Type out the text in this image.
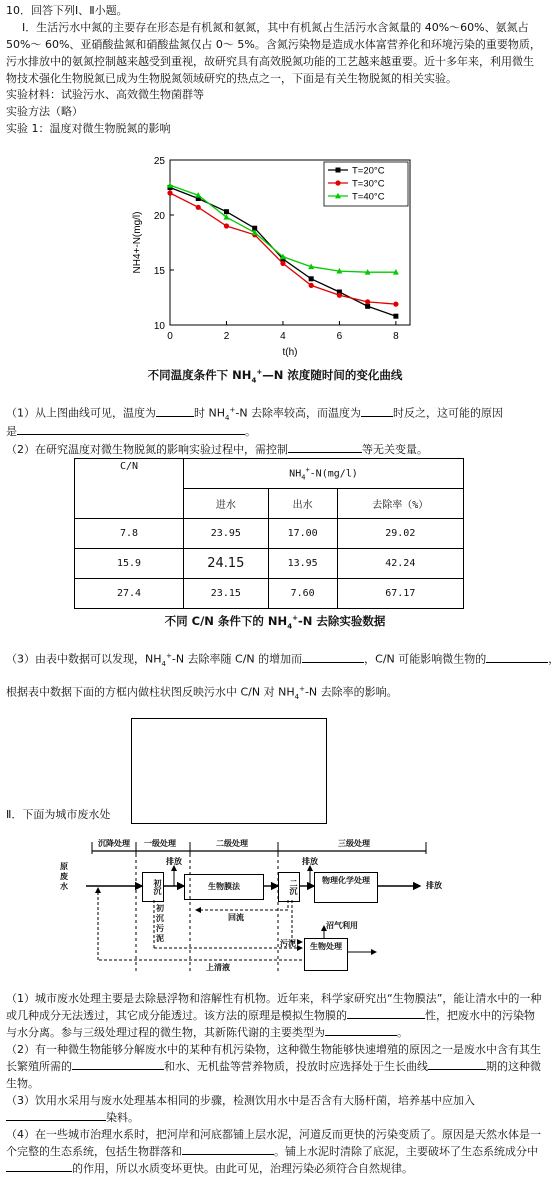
10．回答下列Ⅰ、Ⅱ小题。
Ⅰ．生活污水中氮的主要存在形态是有机氮和氨氮，其中有机氮占生活污水含氮量的 40%～60%、氨氮占 50%～ 60%、亚硝酸盐氮和硝酸盐氮仅占 0～ 5%。含氮污染物是造成水体富营养化和环境污染的重要物质，污水排放中的氨氮控制越来越受到重视，故研究具有高效脱氮功能的工艺越来越重要。近十多年来，利用微生物技术强化生物脱氮已成为生物脱氮领域研究的热点之一，下面是有关生物脱氮的相关实验。
实验材料：试验污水、高效微生物菌群等
实验方法（略）
实验 1：温度对微生物脱氮的影响
0	2	4	6	8
10
15
20
25
t(h)
NH4+-N(mg/l)
T=20°C
T=30°C
T=40°C
不同温度条件下 $NH_4^+—N$ 浓度随时间的变化曲线
（1）从上图曲线可见，温度为	时 $NH_4^+-N$ 去除率较高，而温度为	时反之，这可能的原因
是	。
（2）在研究温度对微生物脱氮的影响实验过程中，需控制	等无关变量。
C/N	$NH_4^+-N(mg/l)$		
	进水	出水	去除率（%）
7.8	23.95	17.00	29.02
15.9	24.15	13.95	42.24
27.4	23.15	7.60	67.17
不同 C/N 条件下的 $NH_4^+-N$ 去除实验数据
（3）由表中数据可以发现，$NH_4^+-N$ 去除率随 C/N 的增加而	，C/N 可能影响微生物的	，
根据表中数据下面的方框内做柱状图反映污水中 C/N 对 $NH_4^+-N$ 去除率的影响。
Ⅱ．下面为城市废水处
沉降处理 一级处理	二级处理	三级处理
原废水	初沉	生物膜法	二沉	物理化学处理
排放	排放
排放
初沉污泥
回流
沼气利用
污泥	生物处理
上清液
（1）城市废水处理主要是去除悬浮物和溶解性有机物。近年来，科学家研究出“生物膜法”，能让清水中的一种或几种成分无法透过，其它成分能透过。该方法的原理是模拟生物膜的	性，把废水中的污染物与水分离。参与三级处理过程的微生物，其新陈代谢的主要类型为	。
（2）有一种微生物能够分解废水中的某种有机污染物，这种微生物能够快速增殖的原因之一是废水中含有其生长繁殖所需的	和水、无机盐等营养物质，投放时应选择处于生长曲线	期的这种微生物。
（3）饮用水采用与废水处理基本相同的步骤，检测饮用水中是否含有大肠杆菌，培养基中应加入染料。
（4）在一些城市治理水系时，把河岸和河底都铺上层水泥，河道反而更快的污染变质了。原因是天然水体是一个完整的生态系统，包括生物群落和	。铺上水泥时清除了底泥，主要破坏了生态系统成分中的作用，所以水质变坏更快。由此可见，治理污染必须符合自然规律。
